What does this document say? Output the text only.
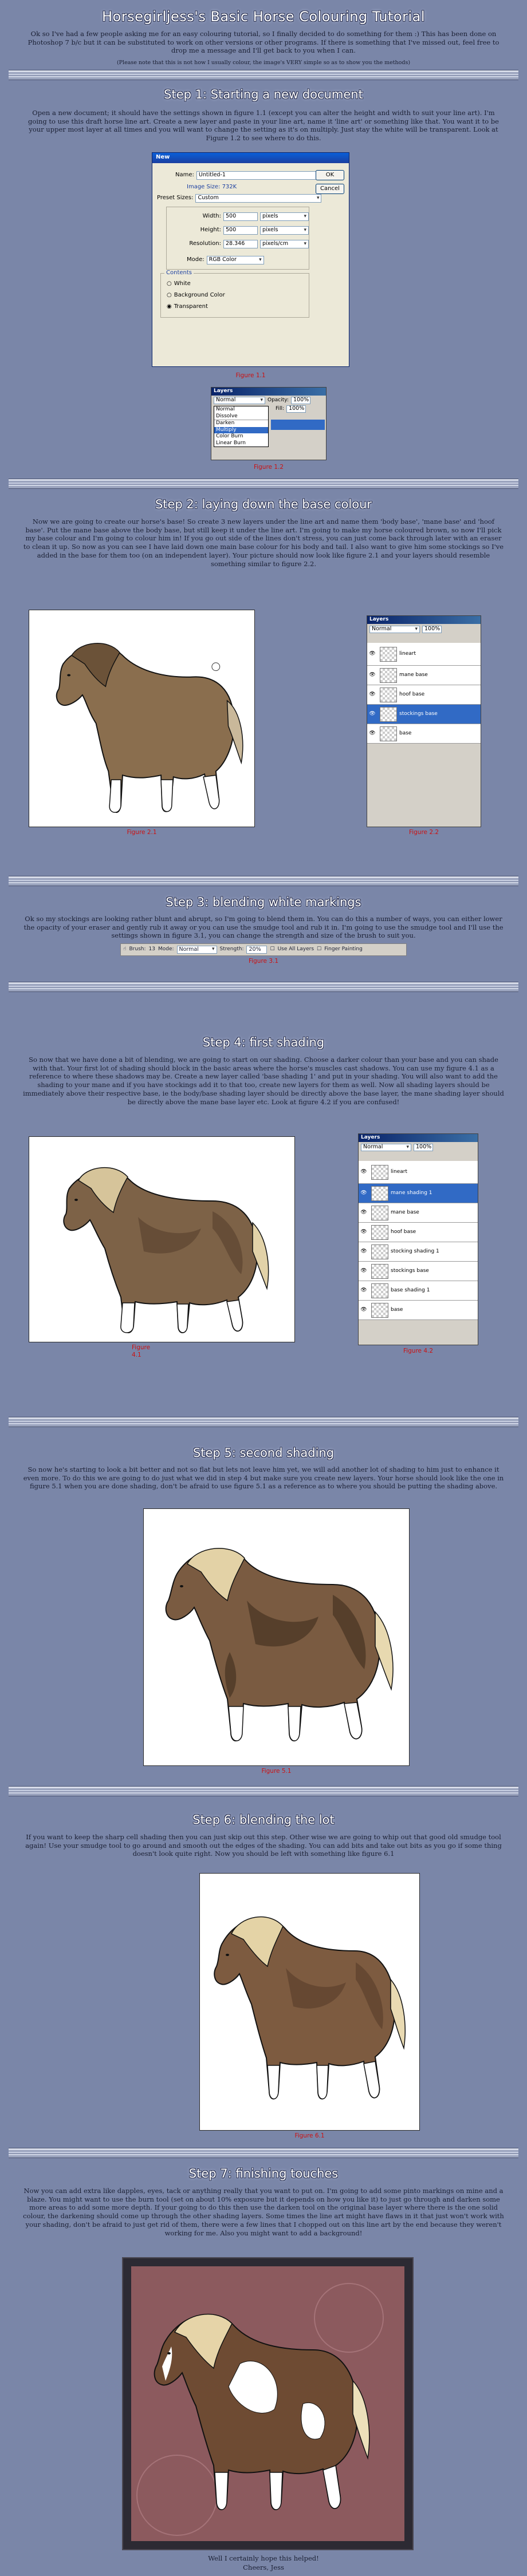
Horsegirljess's Basic Horse Colouring Tutorial
Ok so I've had a few people asking me for an easy colouring tutorial, so I finally decided to do something for them :) This has been done on Photoshop 7 b/c but it can be substituted to work on other versions or other programs. If there is something that I've missed out, feel free to drop me a message and I'll get back to you when I can.
(Please note that this is not how I usually colour, the image's VERY simple so as to show you the methods)
Step 1: Starting a new document
Open a new document; it should have the settings shown in figure 1.1 (except you can alter the height and width to suit your line art). I'm going to use this draft horse line art. Create a new layer and paste in your line art, name it 'line art' or something like that. You want it to be your upper most layer at all times and you will want to change the setting as it's on multiply. Just stay the white will be transparent. Look at Figure 1.2 to see where to do this.
New
Name: Untitled-1
Image Size: 732K
Preset Sizes: Custom
▾
Width: 500	pixels
▾
Height: 500	pixels
▾
Resolution: 28.346	pixels/cm
▾
Mode: RGB Color
▾
Contents
○ White
○ Background Color
◉ Transparent
OK
Cancel
Figure 1.1
Layers
Normal
▾	Opacity: 100%
Fill: 100%
Normal
Dissolve
Darken
Multiply
Color Burn
Linear Burn
Figure 1.2
Step 2: laying down the base colour
Now we are going to create our horse's base! So create 3 new layers under the line art and name them 'body base', 'mane base' and 'hoof base'. Put the mane base above the body base, but still keep it under the line art. I'm going to make my horse coloured brown, so now I'll pick my base colour and I'm going to colour him in! If you go out side of the lines don't stress, you can just come back through later with an eraser to clean it up. So now as you can see I have laid down one main base colour for his body and tail. I also want to give him some stockings so I've added in the base for them too (on an independent layer). Your picture should now look like figure 2.1 and your layers should resemble something similar to figure 2.2.
Figure 2.1
Layers
Normal
▾	100%
👁	lineart
👁	mane base
👁	hoof base
👁	stockings base
👁	base
Figure 2.2
Step 3: blending white markings
Ok so my stockings are looking rather blunt and abrupt, so I'm going to blend them in. You can do this a number of ways, you can either lower the opacity of your eraser and gently rub it away or you can use the smudge tool and rub it in. I'm going to use the smudge tool and I'll use the settings shown in figure 3.1, you can change the strength and size of the brush to suit you.
☝ Brush: 13 Mode: Normal
▾	Strength: 20%	☐ Use All Layers ☐ Finger Painting
Figure 3.1
Step 4: first shading
So now that we have done a bit of blending, we are going to start on our shading. Choose a darker colour than your base and you can shade with that. Your first lot of shading should block in the basic areas where the horse's muscles cast shadows. You can use my figure 4.1 as a reference to where these shadows may be. Create a new layer called 'base shading 1' and put in your shading. You will also want to add the shading to your mane and if you have stockings add it to that too, create new layers for them as well. Now all shading layers should be immediately above their respective base, ie the body/base shading layer should be directly above the base layer, the mane shading layer should be directly above the mane base layer etc. Look at figure 4.2 if you are confused!
Figure 4.1
Layers
Normal
▾	100%
👁	lineart
👁	mane shading 1
👁	mane base
👁	hoof base
👁	stocking shading 1
👁	stockings base
👁	base shading 1
👁	base
Figure 4.2
Step 5: second shading
So now he's starting to look a bit better and not so flat but lets not leave him yet, we will add another lot of shading to him just to enhance it even more. To do this we are going to do just what we did in step 4 but make sure you create new layers. Your horse should look like the one in figure 5.1 when you are done shading, don't be afraid to use figure 5.1 as a reference as to where you should be putting the shading above.
Figure 5.1
Step 6: blending the lot
If you want to keep the sharp cell shading then you can just skip out this step. Other wise we are going to whip out that good old smudge tool again! Use your smudge tool to go around and smooth out the edges of the shading. You can add bits and take out bits as you go if some thing doesn't look quite right. Now you should be left with something like figure 6.1
Figure 6.1
Step 7: finishing touches
Now you can add extra like dapples, eyes, tack or anything really that you want to put on. I'm going to add some pinto markings on mine and a blaze. You might want to use the burn tool (set on about 10% exposure but it depends on how you like it) to just go through and darken some more areas to add some more depth. If your going to do this then use the darken tool on the original base layer where there is the one solid colour, the darkening should come up through the other shading layers. Some times the line art might have flaws in it that just won't work with your shading, don't be afraid to just get rid of them, there were a few lines that I chopped out on this line art by the end because they weren't working for me. Also you might want to add a background!
Well I certainly hope this helped!
Cheers, Jess
